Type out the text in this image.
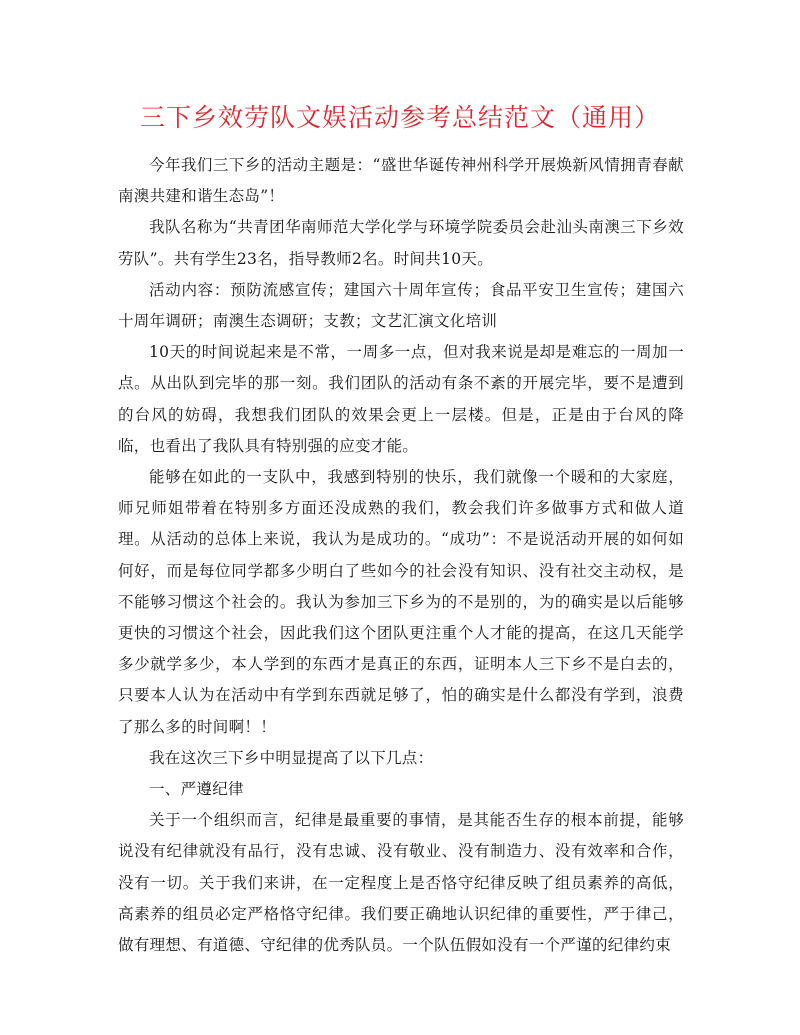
三下乡效劳队文娱活动参考总结范文（通用）

今年我们三下乡的活动主题是：“盛世华诞传神州科学开展焕新风情拥青春献南澳共建和谐生态岛”！

我队名称为“共青团华南师范大学化学与环境学院委员会赴汕头南澳三下乡效劳队”。共有学生23名，指导教师2名。时间共10天。

活动内容：预防流感宣传；建国六十周年宣传；食品平安卫生宣传；建国六十周年调研；南澳生态调研；支教；文艺汇演文化培训

10天的时间说起来是不常，一周多一点，但对我来说是却是难忘的一周加一点。从出队到完毕的那一刻。我们团队的活动有条不紊的开展完毕，要不是遭到的台风的妨碍，我想我们团队的效果会更上一层楼。但是，正是由于台风的降临，也看出了我队具有特别强的应变才能。

能够在如此的一支队中，我感到特别的快乐，我们就像一个暖和的大家庭，师兄师姐带着在特别多方面还没成熟的我们，教会我们许多做事方式和做人道理。从活动的总体上来说，我认为是成功的。“成功”：不是说活动开展的如何如何好，而是每位同学都多少明白了些如今的社会没有知识、没有社交主动权，是不能够习惯这个社会的。我认为参加三下乡为的不是别的，为的确实是以后能够更快的习惯这个社会，因此我们这个团队更注重个人才能的提高，在这几天能学多少就学多少，本人学到的东西才是真正的东西，证明本人三下乡不是白去的，只要本人认为在活动中有学到东西就足够了，怕的确实是什么都没有学到，浪费了那么多的时间啊！！

我在这次三下乡中明显提高了以下几点：

一、严遵纪律

关于一个组织而言，纪律是最重要的事情，是其能否生存的根本前提，能够说没有纪律就没有品行，没有忠诚、没有敬业、没有制造力、没有效率和合作，没有一切。关于我们来讲，在一定程度上是否恪守纪律反映了组员素养的高低，高素养的组员必定严格恪守纪律。我们要正确地认识纪律的重要性，严于律己，做有理想、有道德、守纪律的优秀队员。一个队伍假如没有一个严谨的纪律约束
